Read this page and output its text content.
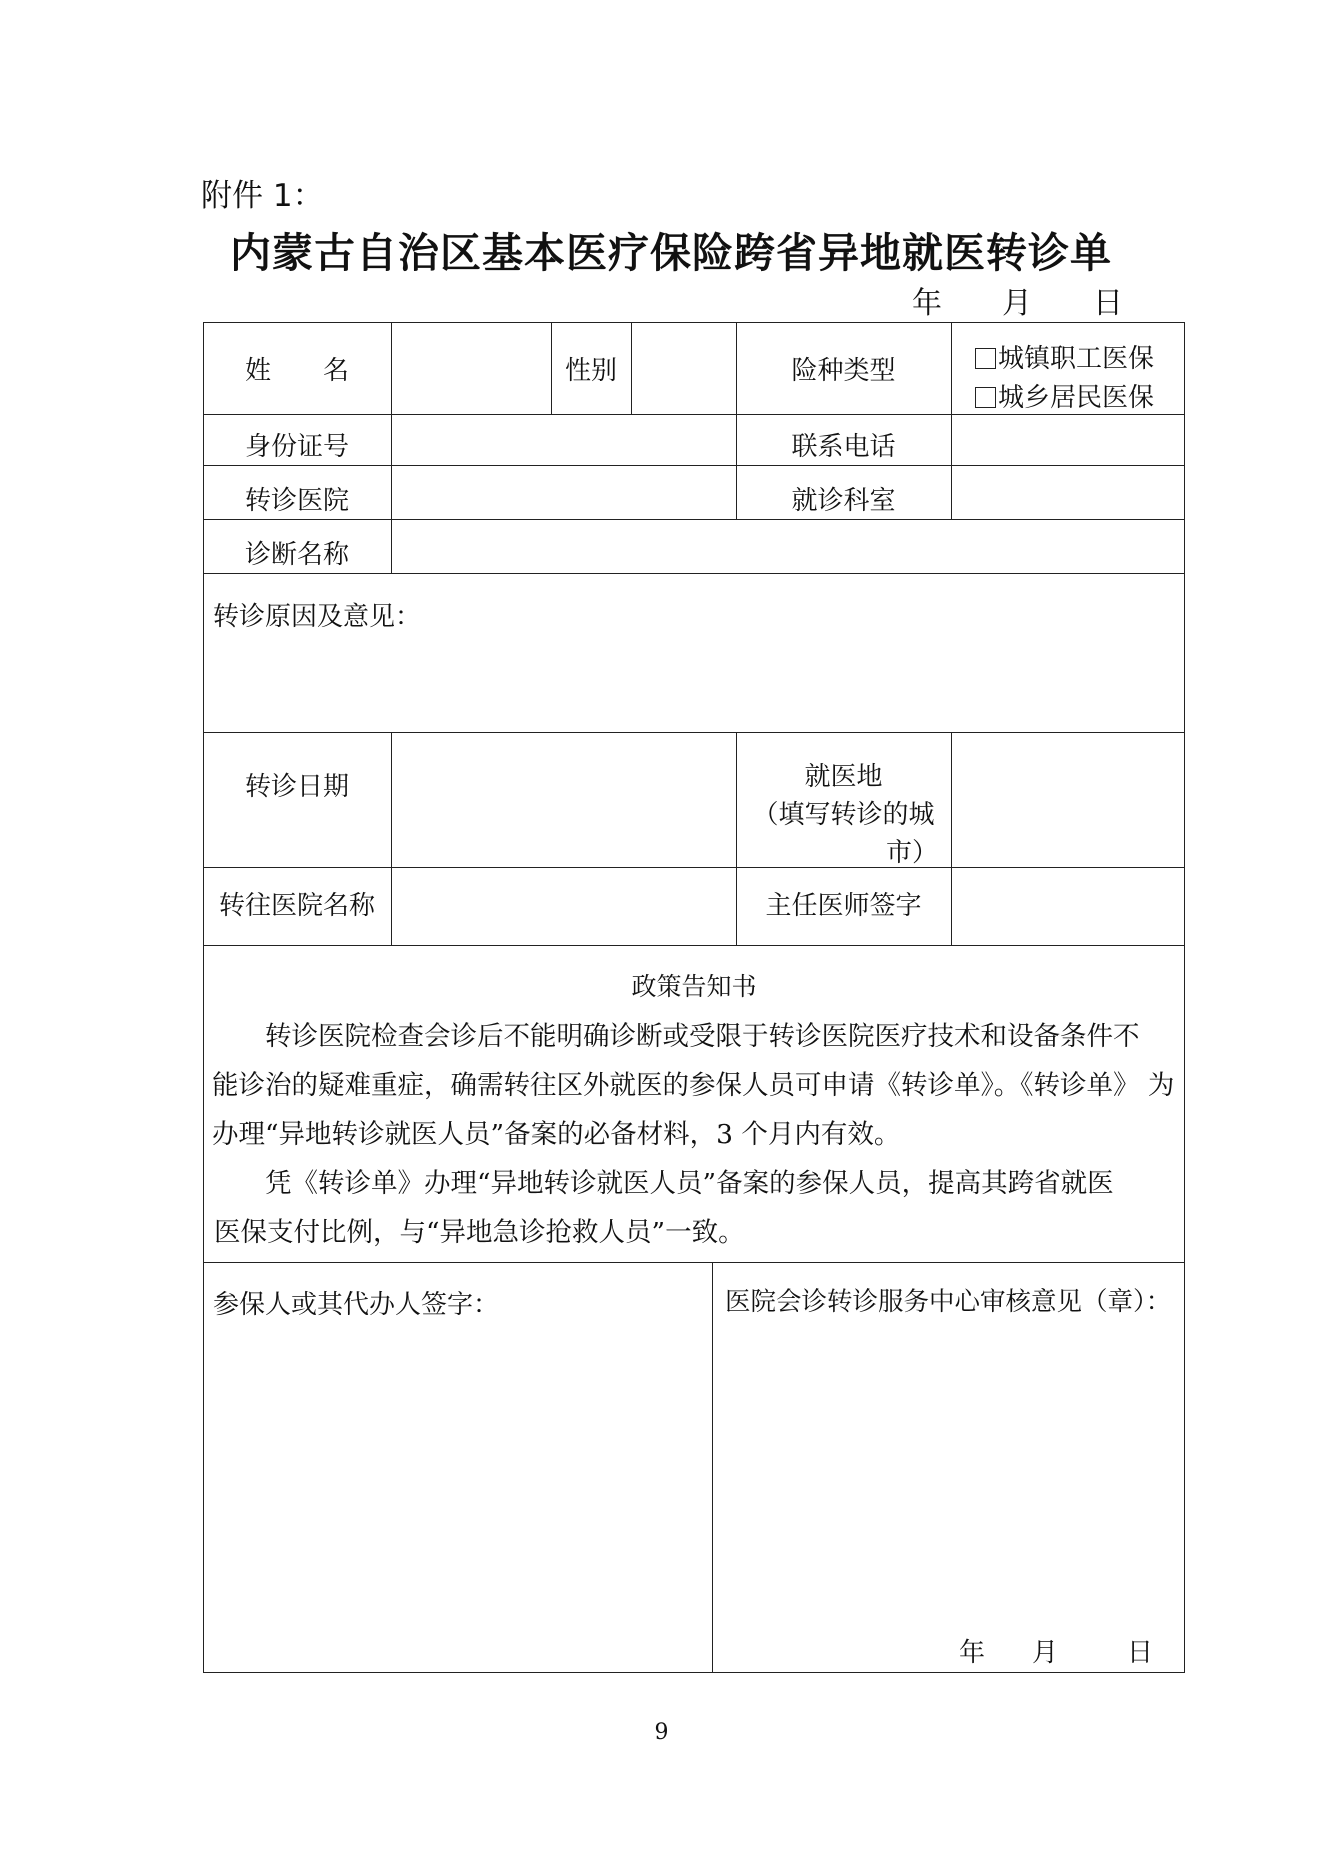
附件 1：
内蒙古自治区基本医疗保险跨省异地就医转诊单
年 月 日
姓　　名	性别	险种类型	城镇职工医保
城乡居民医保
身份证号	联系电话
转诊医院	就诊科室
诊断名称
转诊原因及意见：
转诊日期	就医地
（填写转诊的城
市）
转往医院名称	主任医师签字
政策告知书
转诊医院检查会诊后不能明确诊断或受限于转诊医院医疗技术和设备条件不
能诊治的疑难重症，确需转往区外就医的参保人员可申请《转诊单》。《转诊单》 为
办理“异地转诊就医人员”备案的必备材料，3 个月内有效。
凭《转诊单》办理“异地转诊就医人员”备案的参保人员，提高其跨省就医
医保支付比例，与“异地急诊抢救人员”一致。
参保人或其代办人签字：	医院会诊转诊服务中心审核意见（章）：
年 月	日
9
